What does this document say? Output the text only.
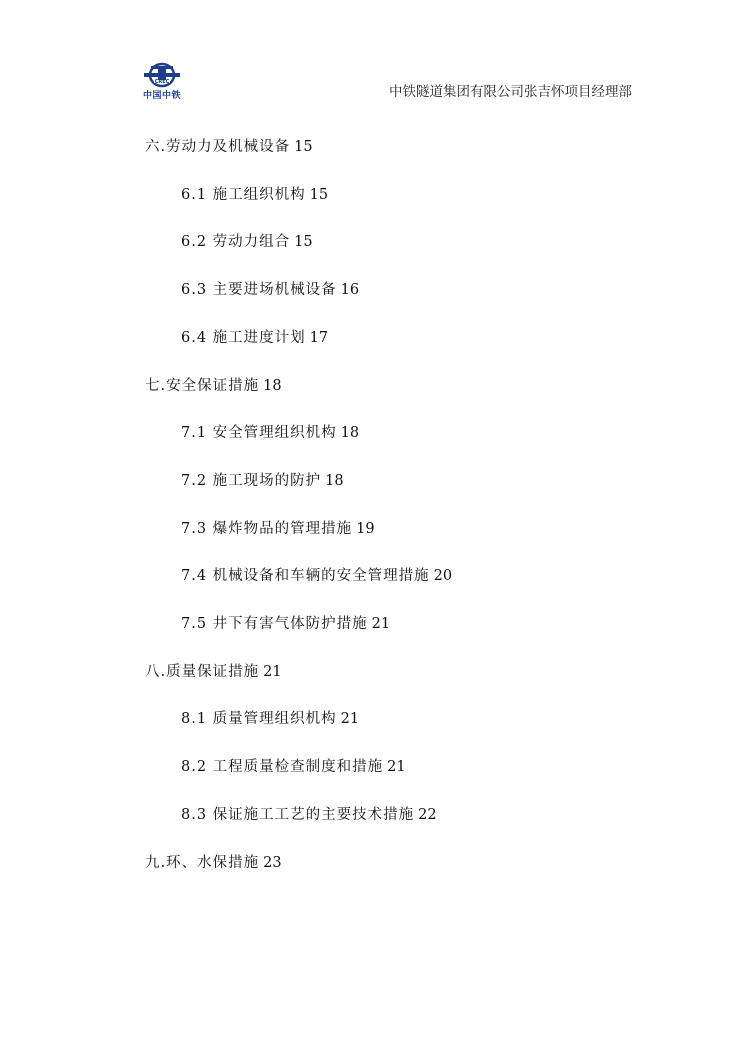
CREC
中国中铁	中铁隧道集团有限公司张吉怀项目经理部
六.劳动力及机械设备 15
6.1 施工组织机构 15
6.2 劳动力组合 15
6.3 主要进场机械设备 16
6.4 施工进度计划 17
七.安全保证措施 18
7.1 安全管理组织机构 18
7.2 施工现场的防护 18
7.3 爆炸物品的管理措施 19
7.4 机械设备和车辆的安全管理措施 20
7.5 井下有害气体防护措施 21
八.质量保证措施 21
8.1 质量管理组织机构 21
8.2 工程质量检查制度和措施 21
8.3 保证施工工艺的主要技术措施 22
九.环、水保措施 23
